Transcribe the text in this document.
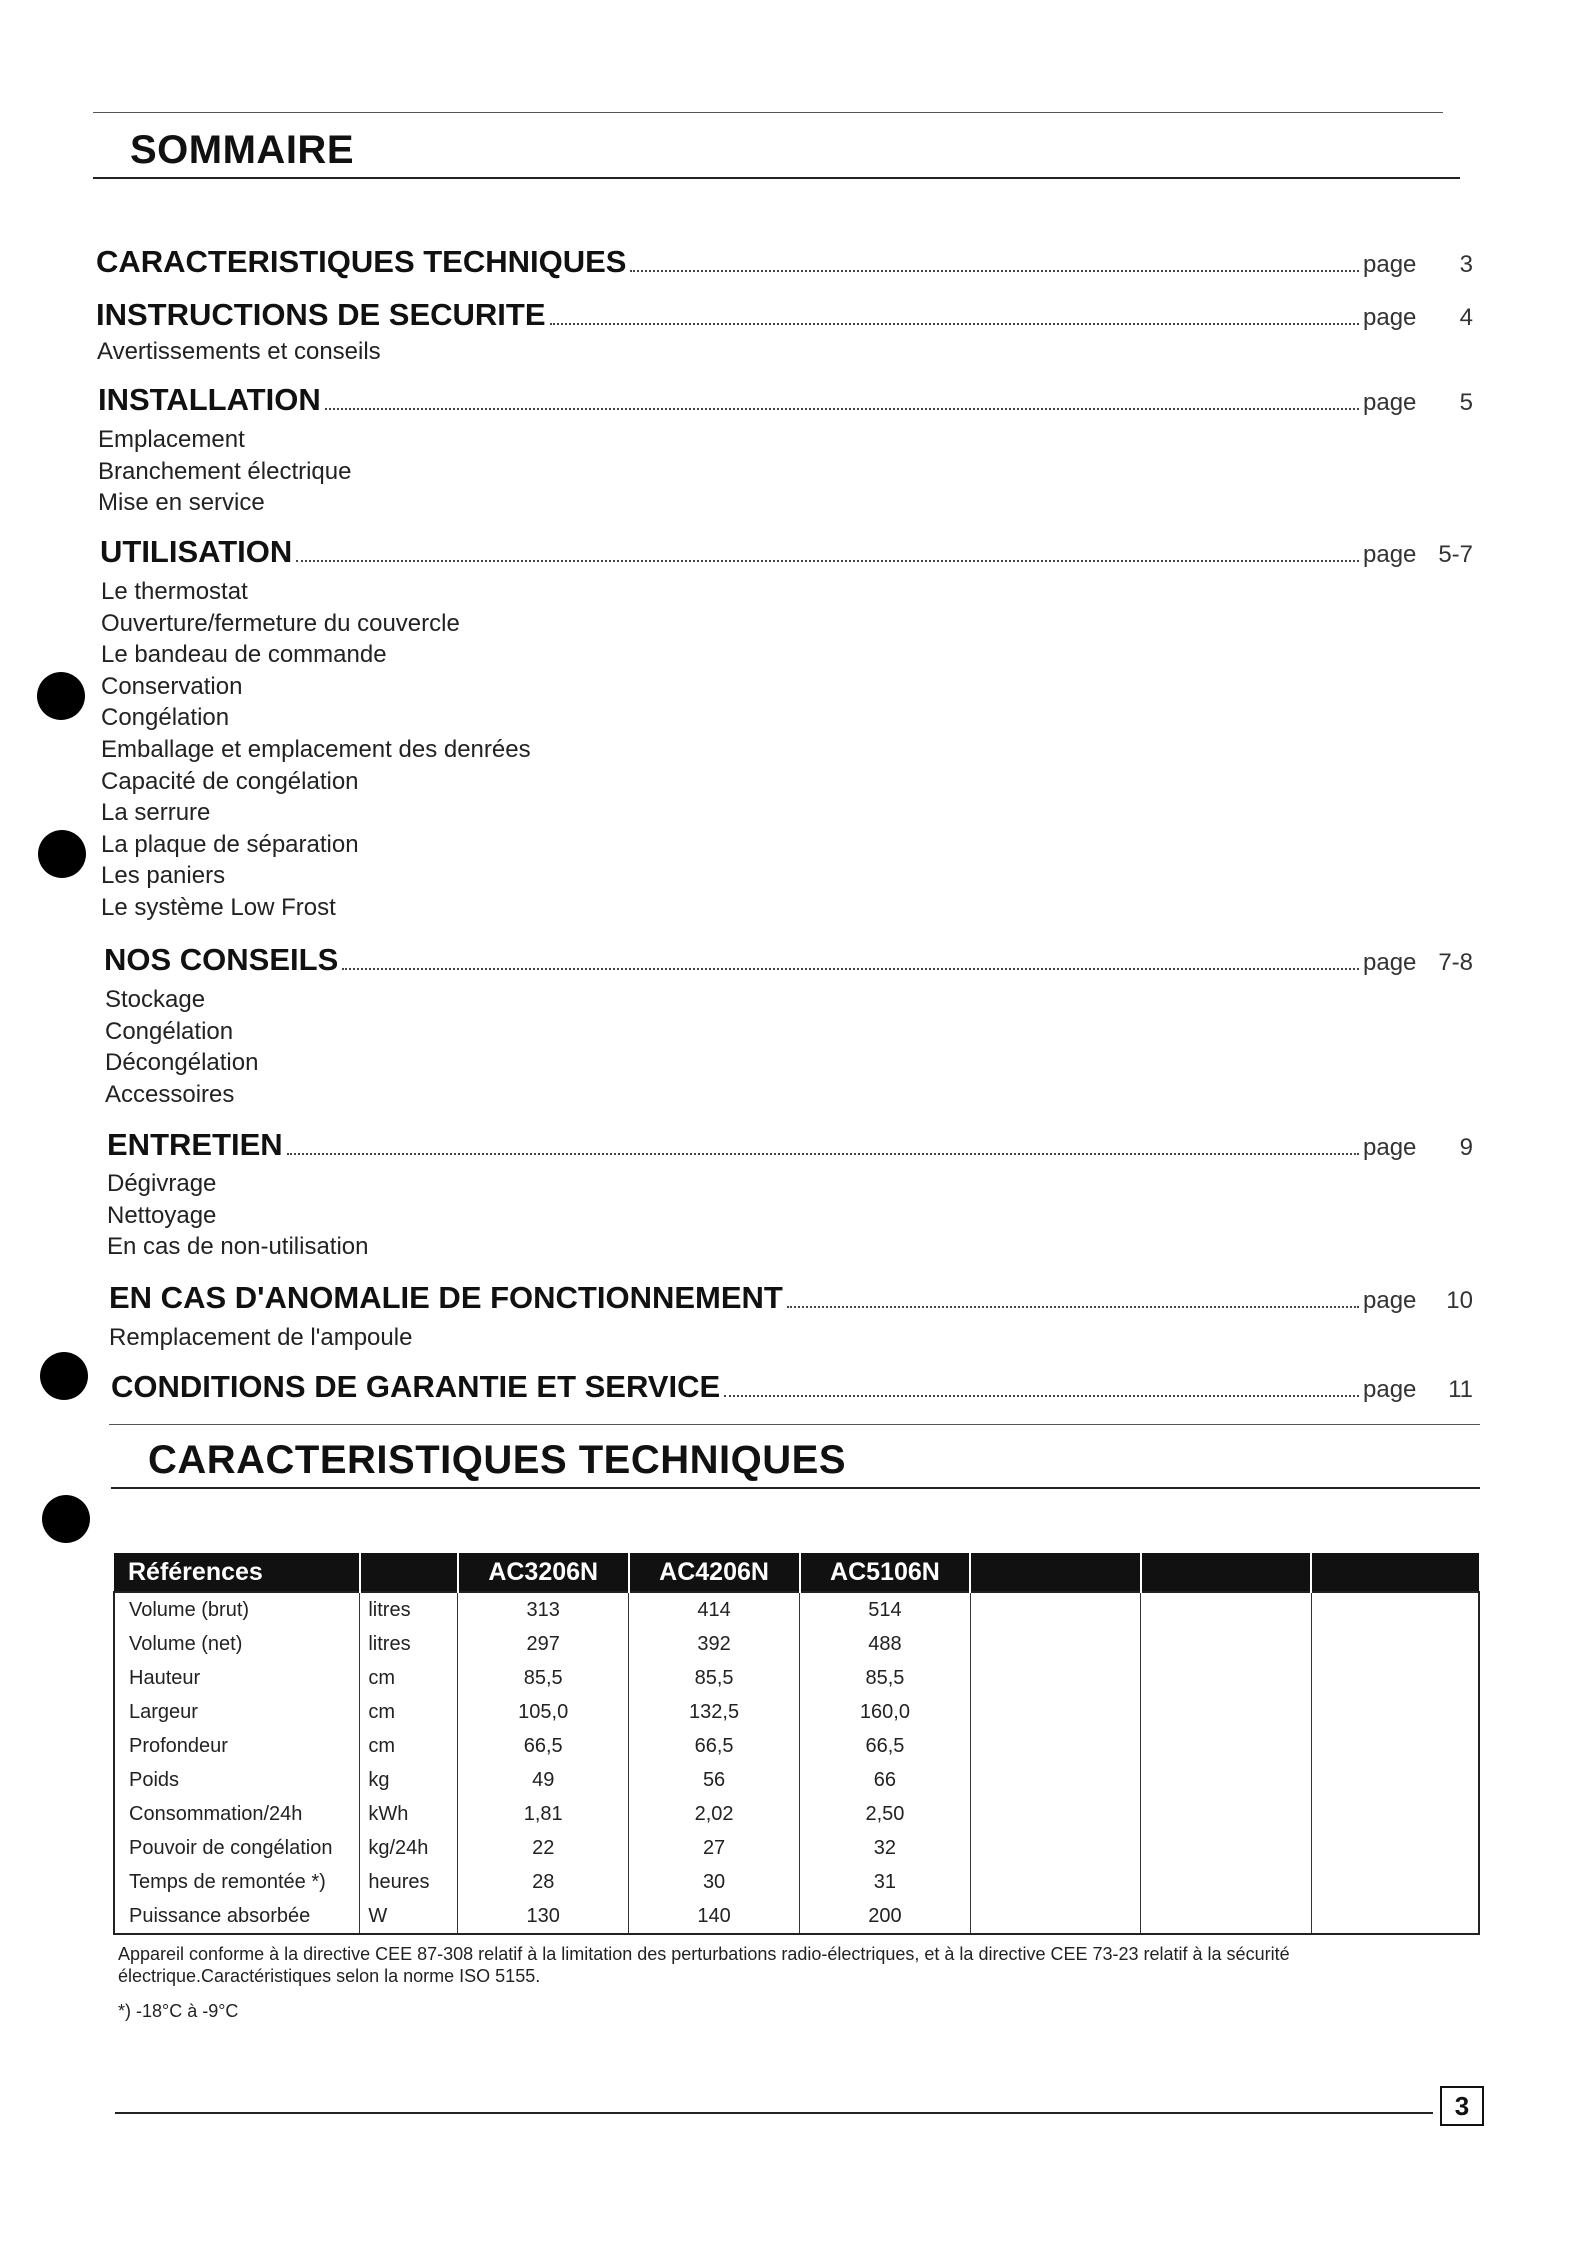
SOMMAIRE
CARACTERISTIQUES TECHNIQUES	page	3
INSTRUCTIONS DE SECURITE	page	4
Avertissements et conseils
INSTALLATION	page	5
Emplacement
Branchement électrique
Mise en service
UTILISATION	page 5-7
Le thermostat
Ouverture/fermeture du couvercle
Le bandeau de commande
Conservation
Congélation
Emballage et emplacement des denrées
Capacité de congélation
La serrure
La plaque de séparation
Les paniers
Le système Low Frost
NOS CONSEILS	page 7-8
Stockage
Congélation
Décongélation
Accessoires
ENTRETIEN	page	9
Dégivrage
Nettoyage
En cas de non-utilisation
EN CAS D'ANOMALIE DE FONCTIONNEMENT	page	10
Remplacement de l'ampoule
CONDITIONS DE GARANTIE ET SERVICE	page	11
CARACTERISTIQUES TECHNIQUES
Références		AC3206N	AC4206N	AC5106N			
Volume (brut)	litres	313	414	514			
Volume (net)	litres	297	392	488			
Hauteur	cm	85,5	85,5	85,5			
Largeur	cm	105,0	132,5	160,0			
Profondeur	cm	66,5	66,5	66,5			
Poids	kg	49	56	66			
Consommation/24h	kWh	1,81	2,02	2,50			
Pouvoir de congélation	kg/24h	22	27	32			
Temps de remontée *)	heures	28	30	31			
Puissance absorbée	W	130	140	200			
Appareil conforme à la directive CEE 87-308 relatif à la limitation des perturbations radio-électriques, et à la directive CEE 73-23 relatif à la sécurité électrique.Caractéristiques selon la norme ISO 5155.
*) -18°C à -9°C
3
